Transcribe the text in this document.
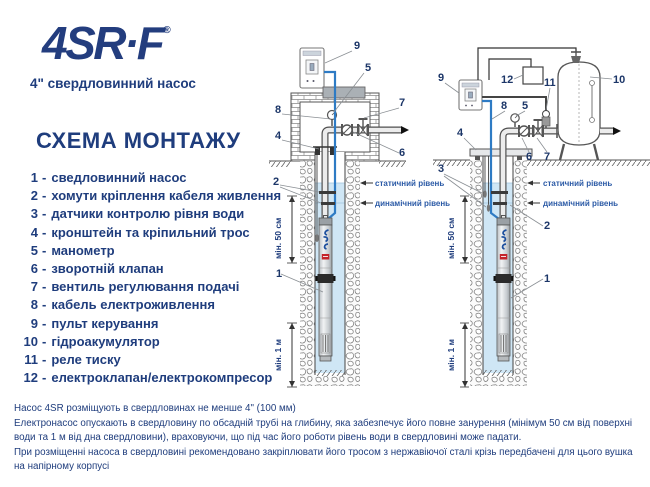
4SR·F®
4" свердловинний насос
СХЕМА МОНТАЖУ
1 - сведловинний насос
2 - хомути кріплення кабеля живлення
3 - датчики контролю рівня води
4 - кронштейн та кріпильний трос
5 - манометр
6 - зворотній клапан
7 - вентиль регулювання подачі
8 - кабель електроживлення
9 - пульт керування
10 - гідроакумулятор
11 - реле тиску
12 - електроклапан/електрокомпресор
9
5
8
7
4
6
2
1
статичний рівень
динамічний рівень
мін. 50 см
мін. 1 м
9	10
12	11
8 5
4
3
6 7
2
1
статичний рівень
динамічний рівень
мін. 50 см
мін. 1 м

Насос 4SR розміщують в свердловинах не менше 4" (100 мм)

Електронасос опускають в свердловину по обсадній трубі на глибину, яка забезпечує його повне занурення (мінімум 50 см від поверхні води та 1 м від дна свердловини), враховуючи, що під час його роботи рівень води в свердловині може падати.

При розміщенні насоса в свердловині рекомендовано закріплювати його тросом з нержавіючої сталі крізь передбачені для цього вушка на напірному корпусі
